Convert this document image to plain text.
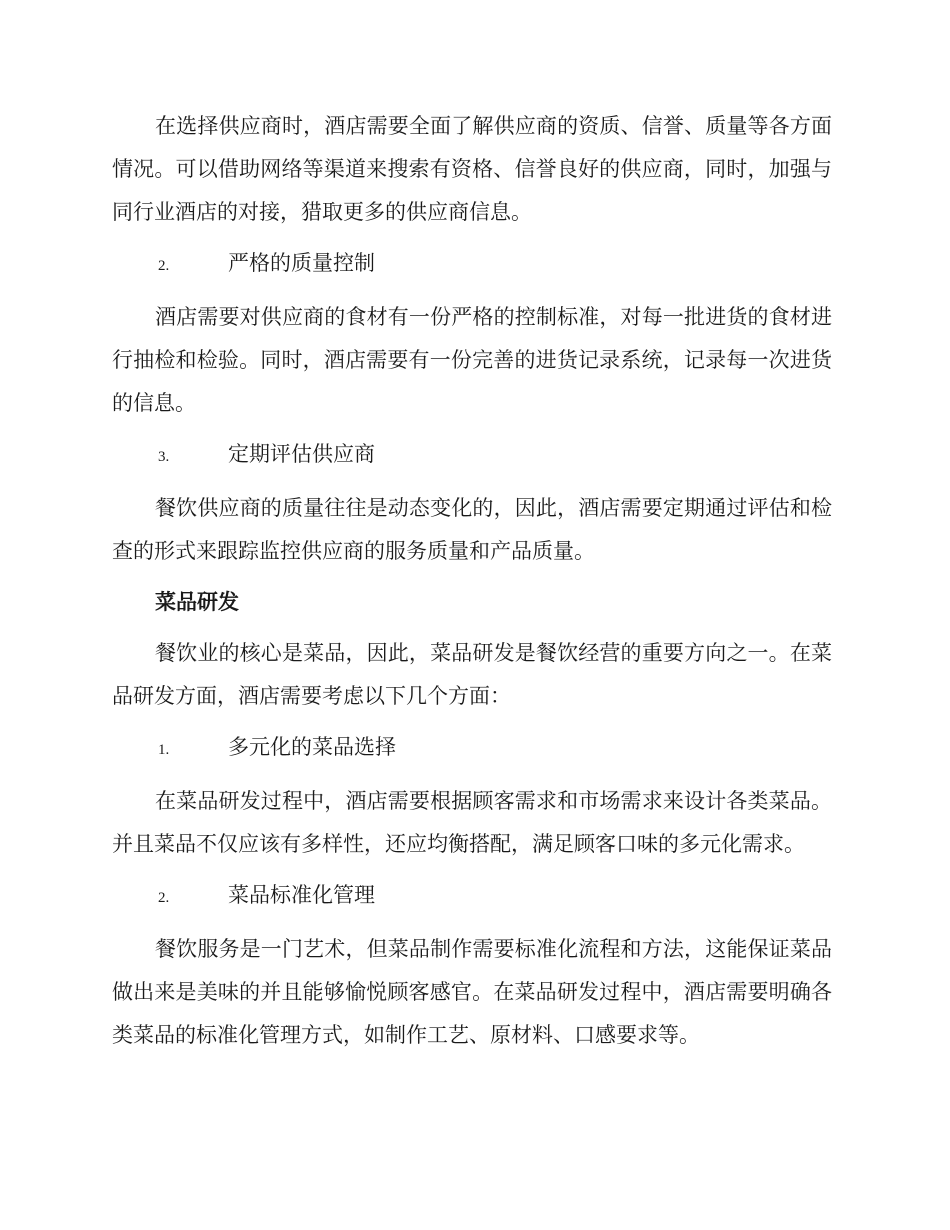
在选择供应商时，酒店需要全面了解供应商的资质、信誉、质量等各方面情况。可以借助网络等渠道来搜索有资格、信誉良好的供应商，同时，加强与同行业酒店的对接，猎取更多的供应商信息。

2.	严格的质量控制

酒店需要对供应商的食材有一份严格的控制标准，对每一批进货的食材进行抽检和检验。同时，酒店需要有一份完善的进货记录系统，记录每一次进货的信息。

3.	定期评估供应商

餐饮供应商的质量往往是动态变化的，因此，酒店需要定期通过评估和检查的形式来跟踪监控供应商的服务质量和产品质量。

菜品研发

餐饮业的核心是菜品，因此，菜品研发是餐饮经营的重要方向之一。在菜品研发方面，酒店需要考虑以下几个方面：

1.	多元化的菜品选择

在菜品研发过程中，酒店需要根据顾客需求和市场需求来设计各类菜品。并且菜品不仅应该有多样性，还应均衡搭配，满足顾客口味的多元化需求。

2.	菜品标准化管理

餐饮服务是一门艺术，但菜品制作需要标准化流程和方法，这能保证菜品做出来是美味的并且能够愉悦顾客感官。在菜品研发过程中，酒店需要明确各类菜品的标准化管理方式，如制作工艺、原材料、口感要求等。
